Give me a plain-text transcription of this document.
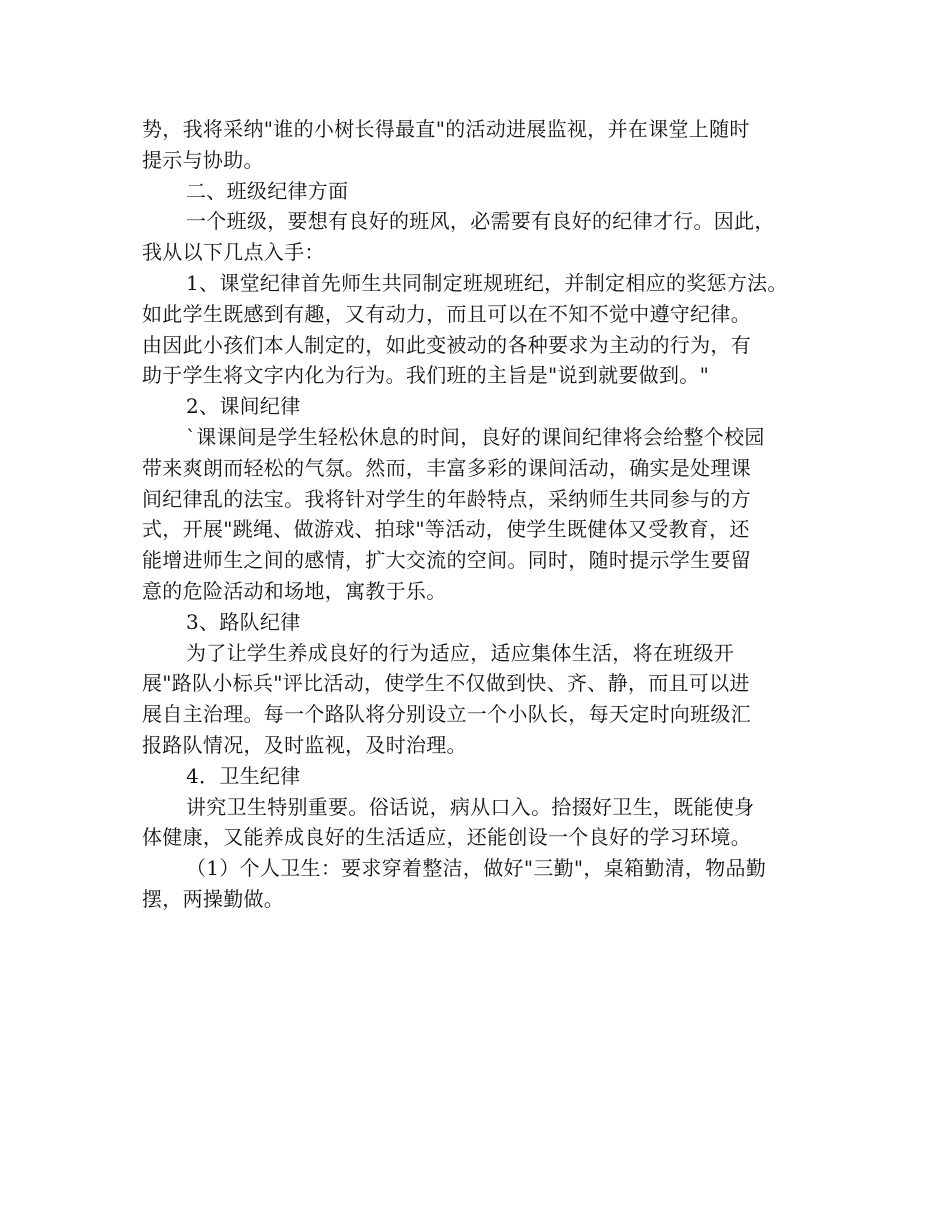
势，我将采纳"谁的小树长得最直"的活动进展监视，并在课堂上随时
提示与协助。
二、班级纪律方面
一个班级，要想有良好的班风，必需要有良好的纪律才行。因此，
我从以下几点入手：
1、课堂纪律首先师生共同制定班规班纪，并制定相应的奖惩方法。
如此学生既感到有趣，又有动力，而且可以在不知不觉中遵守纪律。
由因此小孩们本人制定的，如此变被动的各种要求为主动的行为，有
助于学生将文字内化为行为。我们班的主旨是"说到就要做到。"
2、课间纪律
`课课间是学生轻松休息的时间，良好的课间纪律将会给整个校园
带来爽朗而轻松的气氛。然而，丰富多彩的课间活动，确实是处理课
间纪律乱的法宝。我将针对学生的年龄特点，采纳师生共同参与的方
式，开展"跳绳、做游戏、拍球"等活动，使学生既健体又受教育，还
能增进师生之间的感情，扩大交流的空间。同时，随时提示学生要留
意的危险活动和场地，寓教于乐。
3、路队纪律
为了让学生养成良好的行为适应，适应集体生活，将在班级开
展"路队小标兵"评比活动，使学生不仅做到快、齐、静，而且可以进
展自主治理。每一个路队将分别设立一个小队长，每天定时向班级汇
报路队情况，及时监视，及时治理。
4．卫生纪律
讲究卫生特别重要。俗话说，病从口入。拾掇好卫生，既能使身
体健康，又能养成良好的生活适应，还能创设一个良好的学习环境。
（1）个人卫生：要求穿着整洁，做好"三勤"，桌箱勤清，物品勤
摆，两操勤做。
